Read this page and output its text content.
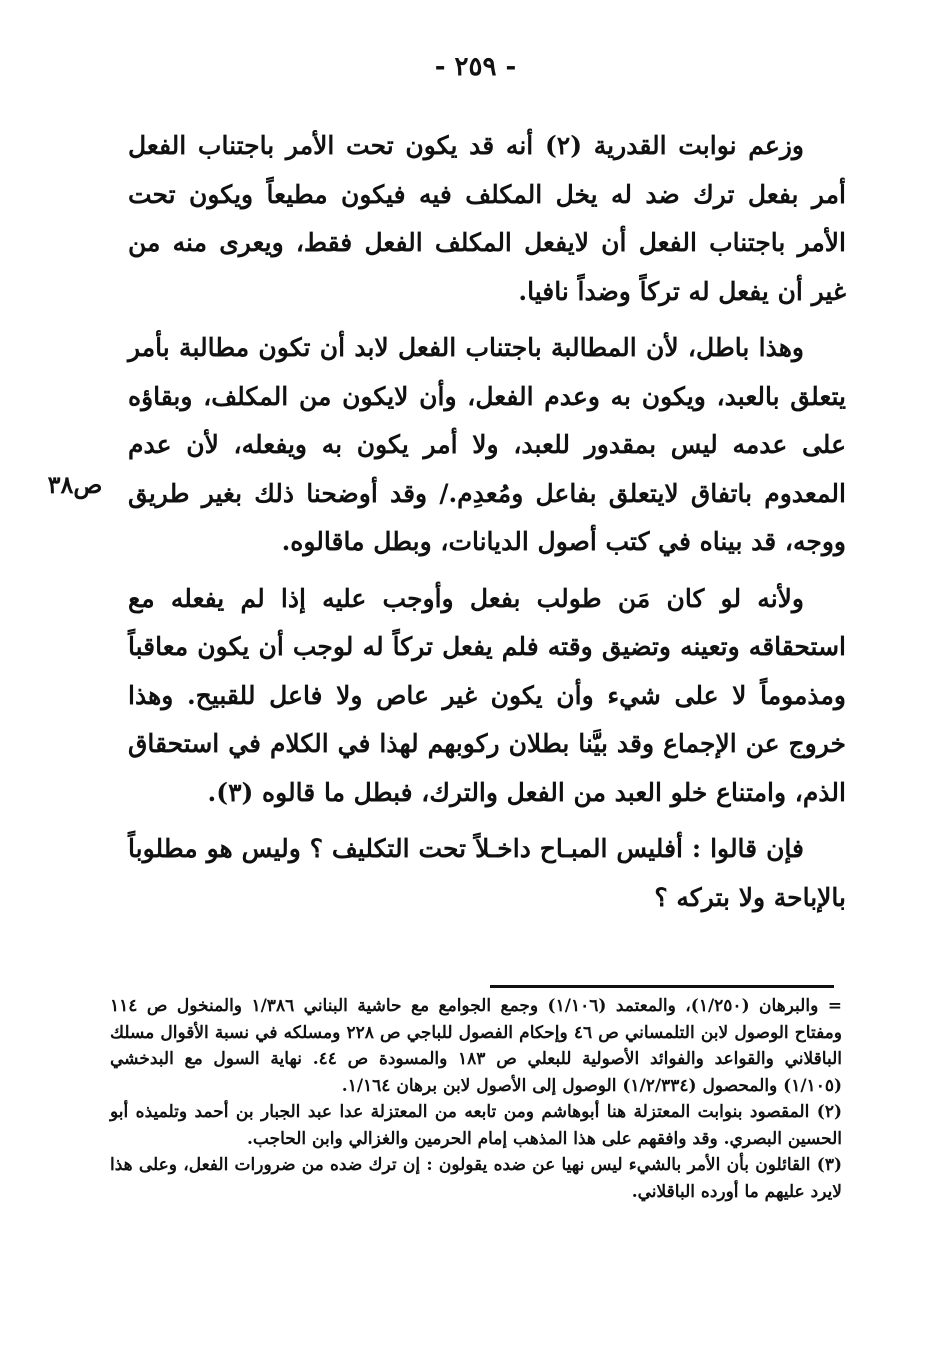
- ٢٥٩ -

وزعم نوابت القدرية (٢) أنه قد يكون تحت الأمر باجتناب الفعل أمر بفعل ترك ضد له يخل المكلف فيه فيكون مطيعاً ويكون تحت الأمر باجتناب الفعل أن لايفعل المكلف الفعل فقط، ويعرى منه من غير أن يفعل له تركاً وضداً نافيا.

وهذا باطل، لأن المطالبة باجتناب الفعل لابد أن تكون مطالبة بأمر يتعلق بالعبد، ويكون به وعدم الفعل، وأن لايكون من المكلف، وبقاؤه على عدمه ليس بمقدور للعبد، ولا أمر يكون به ويفعله، لأن عدم المعدوم باتفاق لايتعلق بفاعل ومُعدِم./ وقد أوضحنا ذلك بغير طريق ووجه، قد بيناه في كتب أصول الديانات، وبطل ماقالوه.

ولأنه لو كان مَن طولب بفعل وأوجب عليه إذا لم يفعله مع استحقاقه وتعينه وتضيق وقته فلم يفعل تركاً له لوجب أن يكون معاقباً ومذموماً لا على شيء وأن يكون غير عاص ولا فاعل للقبيح. وهذا خروج عن الإجماع وقد بيَّنا بطلان ركوبهم لهذا في الكلام في استحقاق الذم، وامتناع خلو العبد من الفعل والترك، فبطل ما قالوه (٣).

فإن قالوا : أفليس المبـاح داخـلاً تحت التكليف ؟ وليس هو مطلوباً بالإباحة ولا بتركه ؟

ص٣٨

= والبرهان (١/٢٥٠)، والمعتمد (١/١٠٦) وجمع الجوامع مع حاشية البناني ١/٣٨٦ والمنخول ص ١١٤ ومفتاح الوصول لابن التلمساني ص ٤٦ وإحكام الفصول للباجي ص ٢٢٨ ومسلكه في نسبة الأقوال مسلك الباقلاني والقواعد والفوائد الأصولية للبعلي ص ١٨٣ والمسودة ص ٤٤. نهاية السول مع البدخشي (١/١٠٥) والمحصول (١/٢/٣٣٤) الوصول إلى الأصول لابن برهان ١/١٦٤.

(٢) المقصود بنوابت المعتزلة هنا أبوهاشم ومن تابعه من المعتزلة عدا عبد الجبار بن أحمد وتلميذه أبو الحسين البصري. وقد وافقهم على هذا المذهب إمام الحرمين والغزالي وابن الحاجب.

(٣) القائلون بأن الأمر بالشيء ليس نهيا عن ضده يقولون : إن ترك ضده من ضرورات الفعل، وعلى هذا لايرد عليهم ما أورده الباقلاني.
